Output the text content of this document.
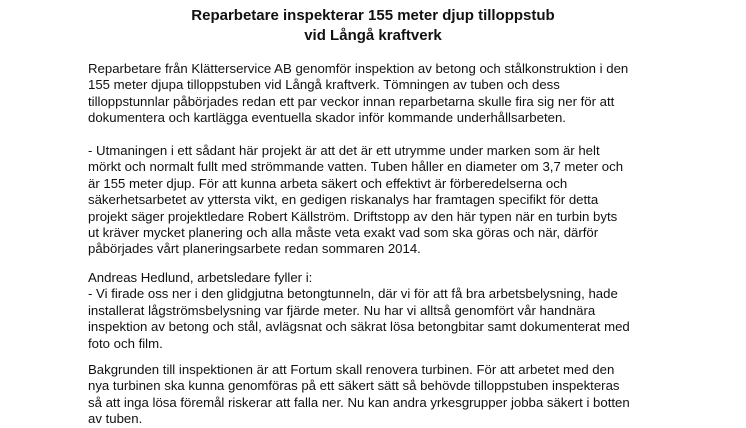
Reparbetare inspekterar 155 meter djup tilloppstub
vid Långå kraftverk

Reparbetare från Klätterservice AB genomför inspektion av betong och stålkonstruktion i den
155 meter djupa tilloppstuben vid Långå kraftverk. Tömningen av tuben och dess
tilloppstunnlar påbörjades redan ett par veckor innan reparbetarna skulle fira sig ner för att
dokumentera och kartlägga eventuella skador inför kommande underhållsarbeten.

- Utmaningen i ett sådant här projekt är att det är ett utrymme under marken som är helt
mörkt och normalt fullt med strömmande vatten. Tuben håller en diameter om 3,7 meter och
är 155 meter djup. För att kunna arbeta säkert och effektivt är förberedelserna och
säkerhetsarbetet av yttersta vikt, en gedigen riskanalys har framtagen specifikt för detta
projekt säger projektledare Robert Källström. Driftstopp av den här typen när en turbin byts
ut kräver mycket planering och alla måste veta exakt vad som ska göras och när, därför
påbörjades vårt planeringsarbete redan sommaren 2014.

Andreas Hedlund, arbetsledare fyller i:
- Vi firade oss ner i den glidgjutna betongtunneln, där vi för att få bra arbetsbelysning, hade
installerat lågströmsbelysning var fjärde meter. Nu har vi alltså genomfört vår handnära
inspektion av betong och stål, avlägsnat och säkrat lösa betongbitar samt dokumenterat med
foto och film.

Bakgrunden till inspektionen är att Fortum skall renovera turbinen. För att arbetet med den
nya turbinen ska kunna genomföras på ett säkert sätt så behövde tilloppstuben inspekteras
så att inga lösa föremål riskerar att falla ner. Nu kan andra yrkesgrupper jobba säkert i botten
av tuben.
